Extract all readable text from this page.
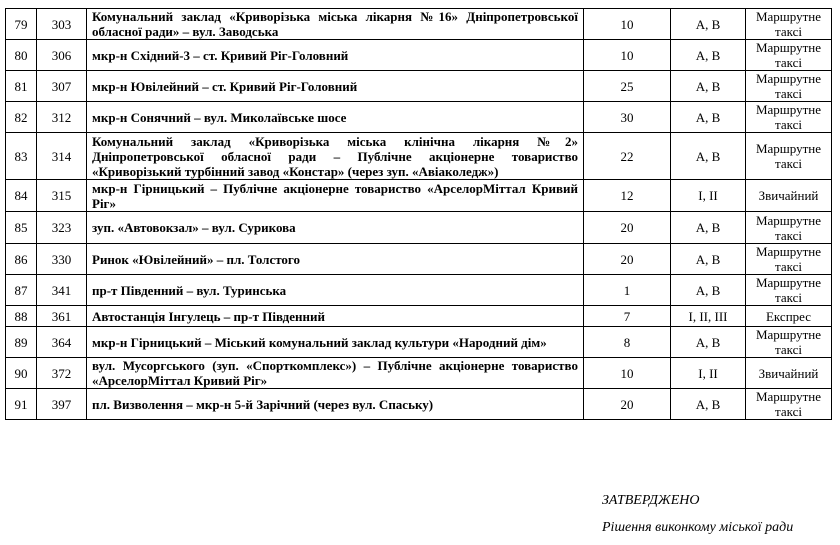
79	303	Комунальний заклад «Криворізька міська лікарня №16» Дніпропетровської обласної ради» – вул. Заводська	10	А, В	Маршрутне таксі
80	306	мкр-н Східний-3 – ст. Кривий Ріг-Головний	10	А, В	Маршрутне таксі
81	307	мкр-н Ювілейний – ст. Кривий Ріг-Головний	25	А, В	Маршрутне таксі
82	312	мкр-н Сонячний – вул. Миколаївське шосе	30	А, В	Маршрутне таксі
83	314	Комунальний заклад «Криворізька міська клінічна лікарня №2» Дніпропетровської обласної ради – Публічне акціонерне товариство «Криворізький турбінний завод «Констар» (через зуп. «Авіаколедж»)	22	А, В	Маршрутне таксі
84	315	мкр-н Гірницький – Публічне акціонерне товариство «АрселорМіттал Кривий Ріг»	12	І, ІІ	Звичайний
85	323	зуп. «Автовокзал» – вул. Сурикова	20	А, В	Маршрутне таксі
86	330	Ринок «Ювілейний» – пл. Толстого	20	А, В	Маршрутне таксі
87	341	пр-т Південний – вул. Туринська	1	А, В	Маршрутне таксі
88	361	Автостанція Інгулець – пр-т Південний	7	І, ІІ, ІІІ	Експрес
89	364	мкр-н Гірницький – Міський комунальний заклад культури «Народний дім»	8	А, В	Маршрутне таксі
90	372	вул. Мусоргського (зуп. «Спорткомплекс») – Публічне акціонерне товариство «АрселорМіттал Кривий Ріг»	10	І, ІІ	Звичайний
91	397	пл. Визволення – мкр-н 5-й Зарічний (через вул. Спаську)	20	А, В	Маршрутне таксі
ЗАТВЕРДЖЕНО
Рішення виконкому міської ради
